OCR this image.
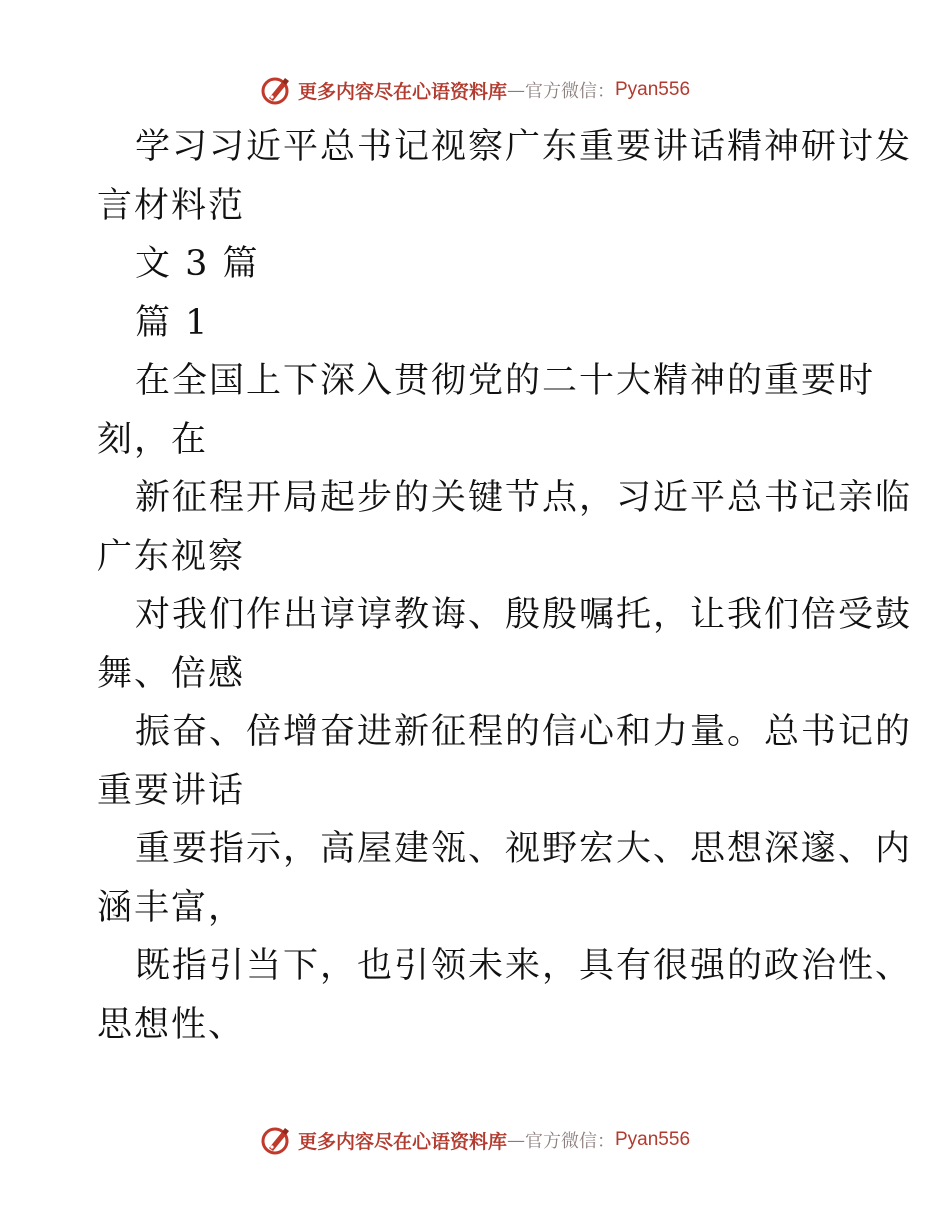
更多内容尽在心语资料库 — 官方微信： Pyan556
学习习近平总书记视察广东重要讲话精神研讨发
言材料范
文 3 篇
篇 1
在全国上下深入贯彻党的二十大精神的重要时
刻，在
新征程开局起步的关键节点，习近平总书记亲临
广东视察
对我们作出谆谆教诲、殷殷嘱托，让我们倍受鼓
舞、倍感
振奋、倍增奋进新征程的信心和力量。总书记的
重要讲话
重要指示，高屋建瓴、视野宏大、思想深邃、内
涵丰富，
既指引当下，也引领未来，具有很强的政治性、
思想性、
更多内容尽在心语资料库 — 官方微信： Pyan556
